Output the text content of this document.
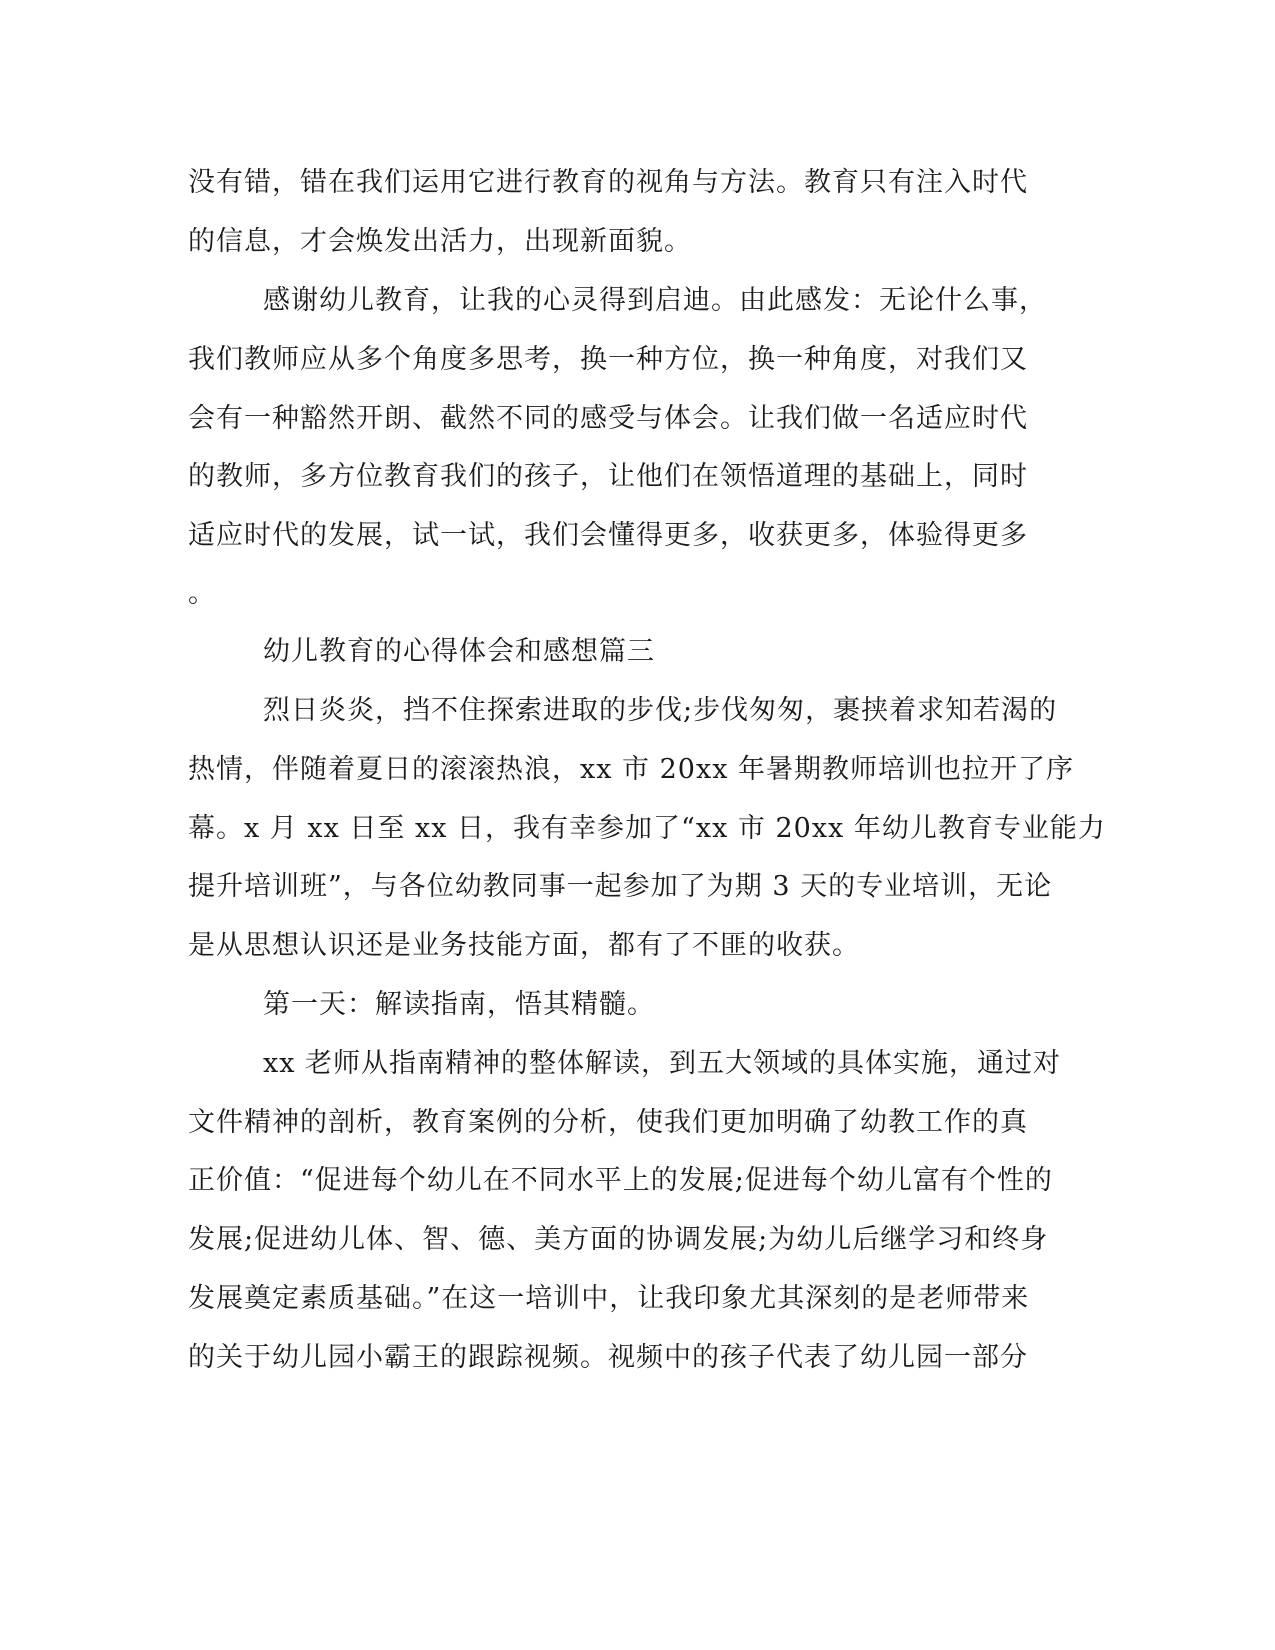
没有错，错在我们运用它进行教育的视角与方法。教育只有注入时代
的信息，才会焕发出活力，出现新面貌。
感谢幼儿教育，让我的心灵得到启迪。由此感发：无论什么事，
我们教师应从多个角度多思考，换一种方位，换一种角度，对我们又
会有一种豁然开朗、截然不同的感受与体会。让我们做一名适应时代
的教师，多方位教育我们的孩子，让他们在领悟道理的基础上，同时
适应时代的发展，试一试，我们会懂得更多，收获更多，体验得更多
。
幼儿教育的心得体会和感想篇三
烈日炎炎，挡不住探索进取的步伐;步伐匆匆，裹挟着求知若渴的
热情，伴随着夏日的滚滚热浪，xx 市 20xx 年暑期教师培训也拉开了序
幕。x 月 xx 日至 xx 日，我有幸参加了“xx 市 20xx 年幼儿教育专业能力
提升培训班”，与各位幼教同事一起参加了为期 3 天的专业培训，无论
是从思想认识还是业务技能方面，都有了不匪的收获。
第一天：解读指南，悟其精髓。
xx 老师从指南精神的整体解读，到五大领域的具体实施，通过对
文件精神的剖析，教育案例的分析，使我们更加明确了幼教工作的真
正价值：“促进每个幼儿在不同水平上的发展;促进每个幼儿富有个性的
发展;促进幼儿体、智、德、美方面的协调发展;为幼儿后继学习和终身
发展奠定素质基础。”在这一培训中，让我印象尤其深刻的是老师带来
的关于幼儿园小霸王的跟踪视频。视频中的孩子代表了幼儿园一部分
